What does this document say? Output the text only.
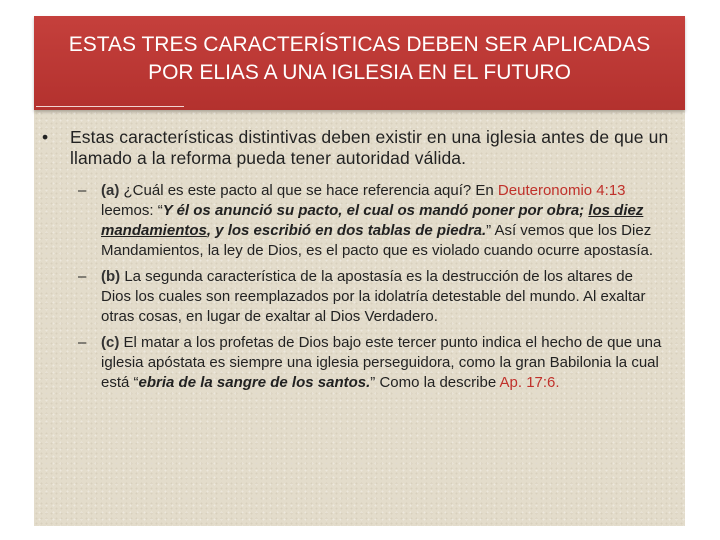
ESTAS TRES CARACTERÍSTICAS DEBEN SER APLICADAS
POR ELIAS A UNA IGLESIA EN EL FUTURO
• Estas características distintivas deben existir en una iglesia antes de que un llamado a la reforma pueda tener autoridad válida.
– (a) ¿Cuál es este pacto al que se hace referencia aquí? En Deuteronomio 4:13 leemos: “Y él os anunció su pacto, el cual os mandó poner por obra; los diez mandamientos, y los escribió en dos tablas de piedra.” Así vemos que los Diez Mandamientos, la ley de Dios, es el pacto que es violado cuando ocurre apostasía.
– (b) La segunda característica de la apostasía es la destrucción de los altares de Dios los cuales son reemplazados por la idolatría detestable del mundo. Al exaltar otras cosas, en lugar de exaltar al Dios Verdadero.
– (c) El matar a los profetas de Dios bajo este tercer punto indica el hecho de que una iglesia apóstata es siempre una iglesia perseguidora, como la gran Babilonia la cual está “ebria de la sangre de los santos.” Como la describe Ap. 17:6.
